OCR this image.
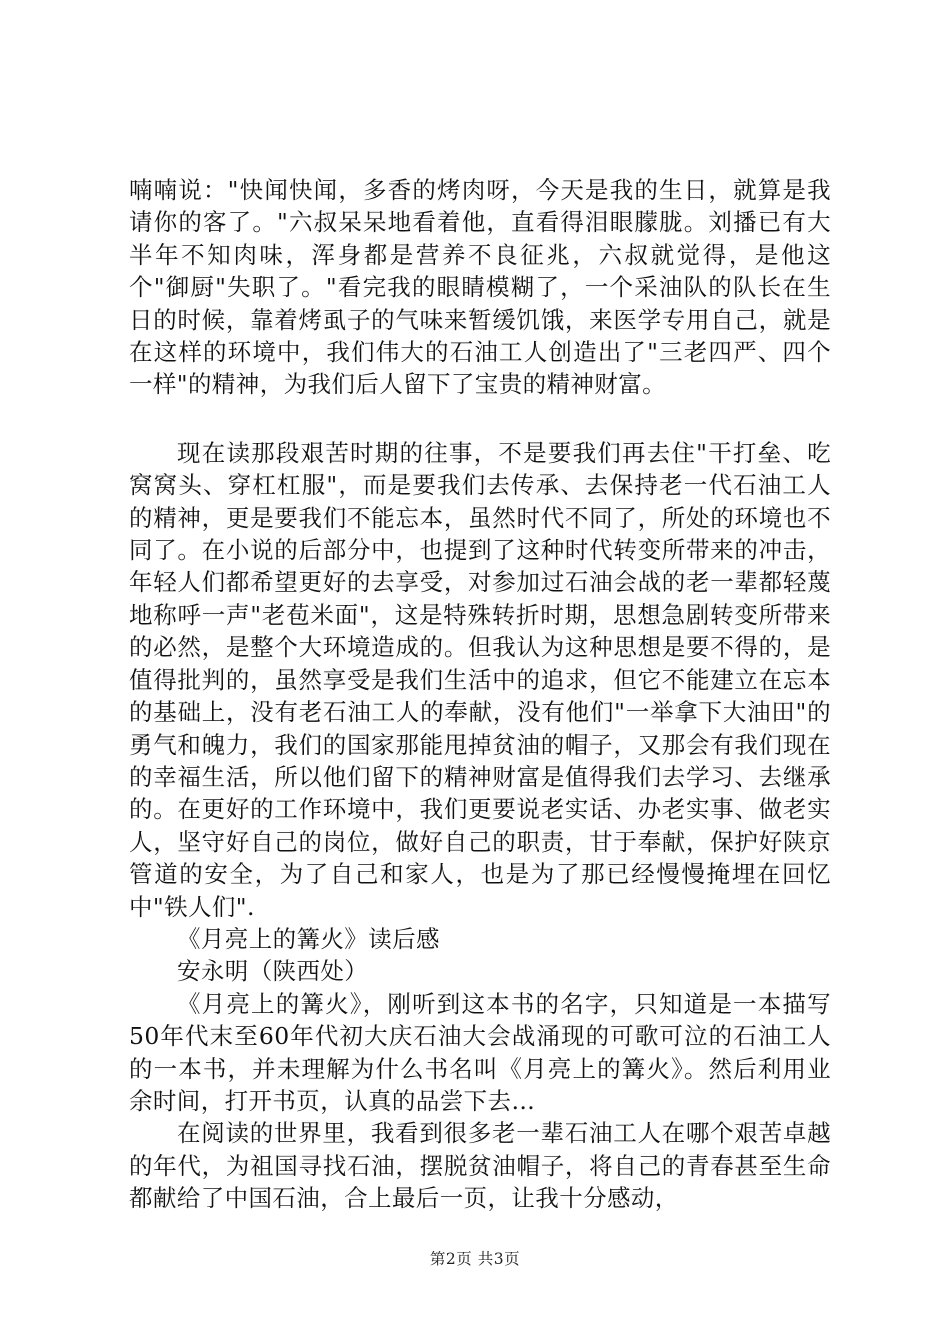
喃喃说："快闻快闻，多香的烤肉呀，今天是我的生日，就算是我请你的客了。"六叔呆呆地看着他，直看得泪眼朦胧。刘播已有大半年不知肉味，浑身都是营养不良征兆，六叔就觉得，是他这个"御厨"失职了。"看完我的眼睛模糊了，一个采油队的队长在生日的时候，靠着烤虱子的气味来暂缓饥饿，来医学专用自己，就是在这样的环境中，我们伟大的石油工人创造出了"三老四严、四个一样"的精神，为我们后人留下了宝贵的精神财富。

现在读那段艰苦时期的往事，不是要我们再去住"干打垒、吃窝窝头、穿杠杠服"，而是要我们去传承、去保持老一代石油工人的精神，更是要我们不能忘本，虽然时代不同了，所处的环境也不同了。在小说的后部分中，也提到了这种时代转变所带来的冲击，年轻人们都希望更好的去享受，对参加过石油会战的老一辈都轻蔑地称呼一声"老苞米面"，这是特殊转折时期，思想急剧转变所带来的必然，是整个大环境造成的。但我认为这种思想是要不得的，是值得批判的，虽然享受是我们生活中的追求，但它不能建立在忘本的基础上，没有老石油工人的奉献，没有他们"一举拿下大油田"的勇气和魄力，我们的国家那能甩掉贫油的帽子，又那会有我们现在的幸福生活，所以他们留下的精神财富是值得我们去学习、去继承的。在更好的工作环境中，我们更要说老实话、办老实事、做老实人，坚守好自己的岗位，做好自己的职责，甘于奉献，保护好陕京管道的安全，为了自己和家人，也是为了那已经慢慢掩埋在回忆中"铁人们".

《月亮上的篝火》读后感

安永明（陕西处）

《月亮上的篝火》，刚听到这本书的名字，只知道是一本描写50年代末至60年代初大庆石油大会战涌现的可歌可泣的石油工人的一本书，并未理解为什么书名叫《月亮上的篝火》。然后利用业余时间，打开书页，认真的品尝下去…

在阅读的世界里，我看到很多老一辈石油工人在哪个艰苦卓越的年代，为祖国寻找石油，摆脱贫油帽子，将自己的青春甚至生命都献给了中国石油，合上最后一页，让我十分感动，

第2页 共3页
